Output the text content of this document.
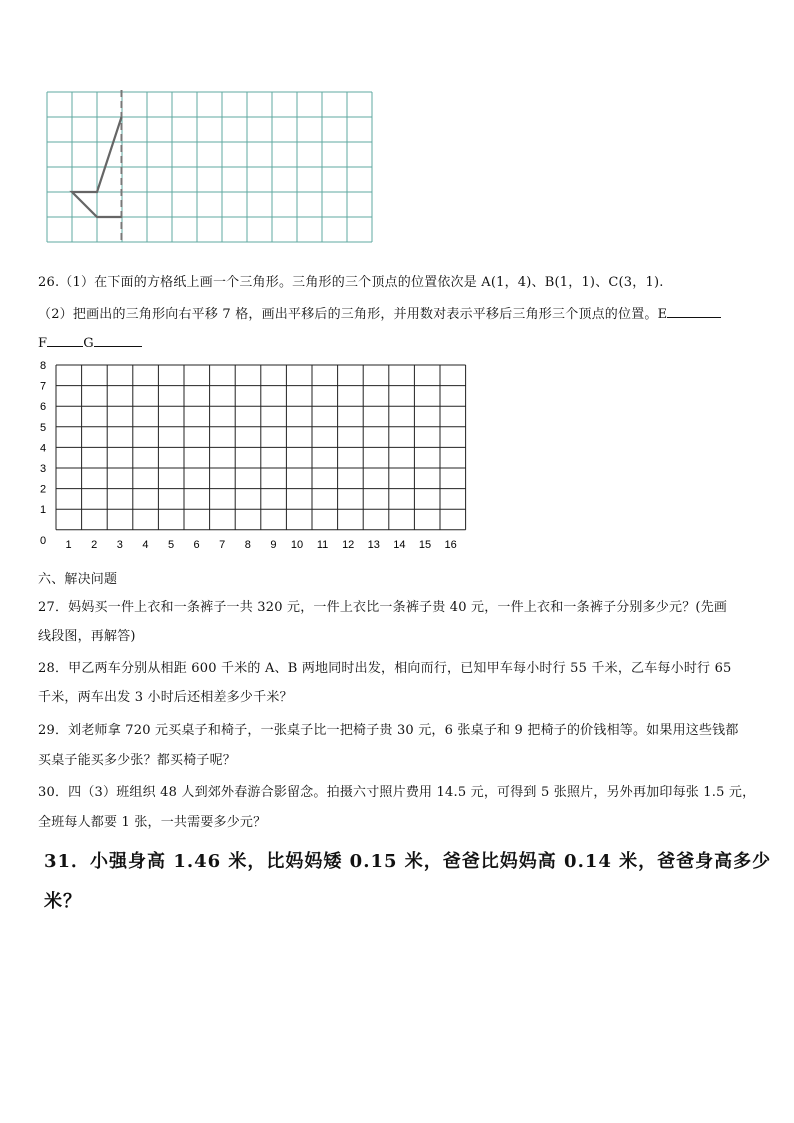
26.（1）在下面的方格纸上画一个三角形。三角形的三个顶点的位置依次是 A(1，4)、B(1，1)、C(3，1).
（2）把画出的三角形向右平移 7 格，画出平移后的三角形，并用数对表示平移后三角形三个顶点的位置。E
F	G
1 2 3 4 5 6 7 8 9 10 11 12 13 14 15 16
0
1
2
3
4
5
6
7
8
六、解决问题
27．妈妈买一件上衣和一条裤子一共 320 元，一件上衣比一条裤子贵 40 元，一件上衣和一条裤子分别多少元？(先画
线段图，再解答)
28．甲乙两车分别从相距 600 千米的 A、B 两地同时出发，相向而行，已知甲车每小时行 55 千米，乙车每小时行 65
千米，两车出发 3 小时后还相差多少千米？
29．刘老师拿 720 元买桌子和椅子，一张桌子比一把椅子贵 30 元，6 张桌子和 9 把椅子的价钱相等。如果用这些钱都
买桌子能买多少张？都买椅子呢？
30．四（3）班组织 48 人到郊外春游合影留念。拍摄六寸照片费用 14.5 元，可得到 5 张照片，另外再加印每张 1.5 元，
全班每人都要 1 张，一共需要多少元？
31．小强身高 1.46 米，比妈妈矮 0.15 米，爸爸比妈妈高 0.14 米，爸爸身高多少
米？
